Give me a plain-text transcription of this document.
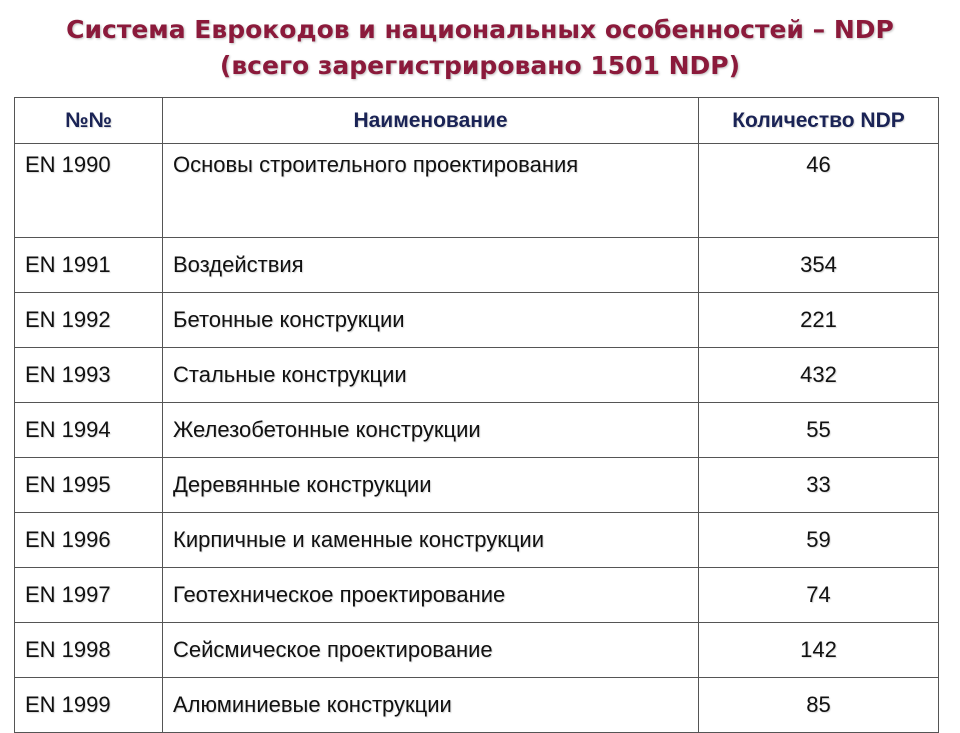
Система Еврокодов и национальных особенностей – NDP
(всего зарегистрировано 1501 NDP)
№№	Наименование	Количество NDP
EN 1990	Основы строительного проектирования	46
EN 1991	Воздействия	354
EN 1992	Бетонные конструкции	221
EN 1993	Стальные конструкции	432
EN 1994	Железобетонные конструкции	55
EN 1995	Деревянные конструкции	33
EN 1996	Кирпичные и каменные конструкции	59
EN 1997	Геотехническое проектирование	74
EN 1998	Сейсмическое проектирование	142
EN 1999	Алюминиевые конструкции	85
